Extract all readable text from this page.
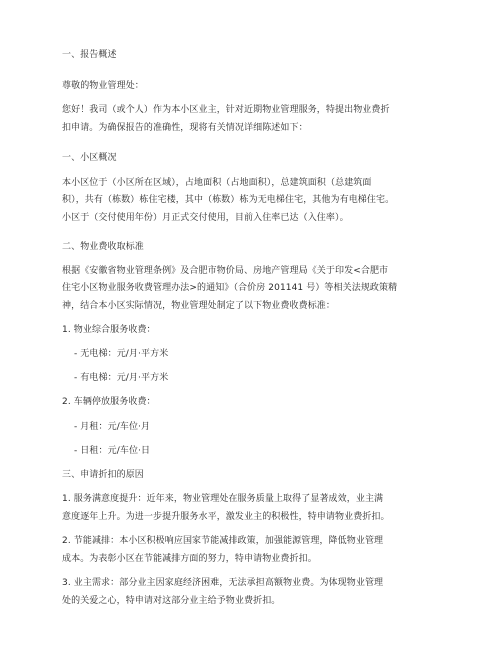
一、报告概述
尊敬的物业管理处：
您好！我司（或个人）作为本小区业主，针对近期物业管理服务，特提出物业费折
扣申请。为确保报告的准确性，现将有关情况详细陈述如下：
一、小区概况
本小区位于（小区所在区域），占地面积（占地面积），总建筑面积（总建筑面
积），共有（栋数）栋住宅楼，其中（栋数）栋为无电梯住宅，其他为有电梯住宅。
小区于（交付使用年份）月正式交付使用，目前入住率已达（入住率）。
二、物业费收取标准
根据《安徽省物业管理条例》及合肥市物价局、房地产管理局《关于印发<合肥市
住宅小区物业服务收费管理办法>的通知》（合价房 201141 号）等相关法规政策精
神，结合本小区实际情况，物业管理处制定了以下物业费收费标准：
1. 物业综合服务收费：
- 无电梯：元/月·平方米
- 有电梯：元/月·平方米
2. 车辆停放服务收费：
- 月租：元/车位·月
- 日租：元/车位·日
三、申请折扣的原因
1. 服务满意度提升：近年来，物业管理处在服务质量上取得了显著成效，业主满
意度逐年上升。为进一步提升服务水平，激发业主的积极性，特申请物业费折扣。
2. 节能减排：本小区积极响应国家节能减排政策，加强能源管理，降低物业管理
成本。为表彰小区在节能减排方面的努力，特申请物业费折扣。
3. 业主需求：部分业主因家庭经济困难，无法承担高额物业费。为体现物业管理
处的关爱之心，特申请对这部分业主给予物业费折扣。
